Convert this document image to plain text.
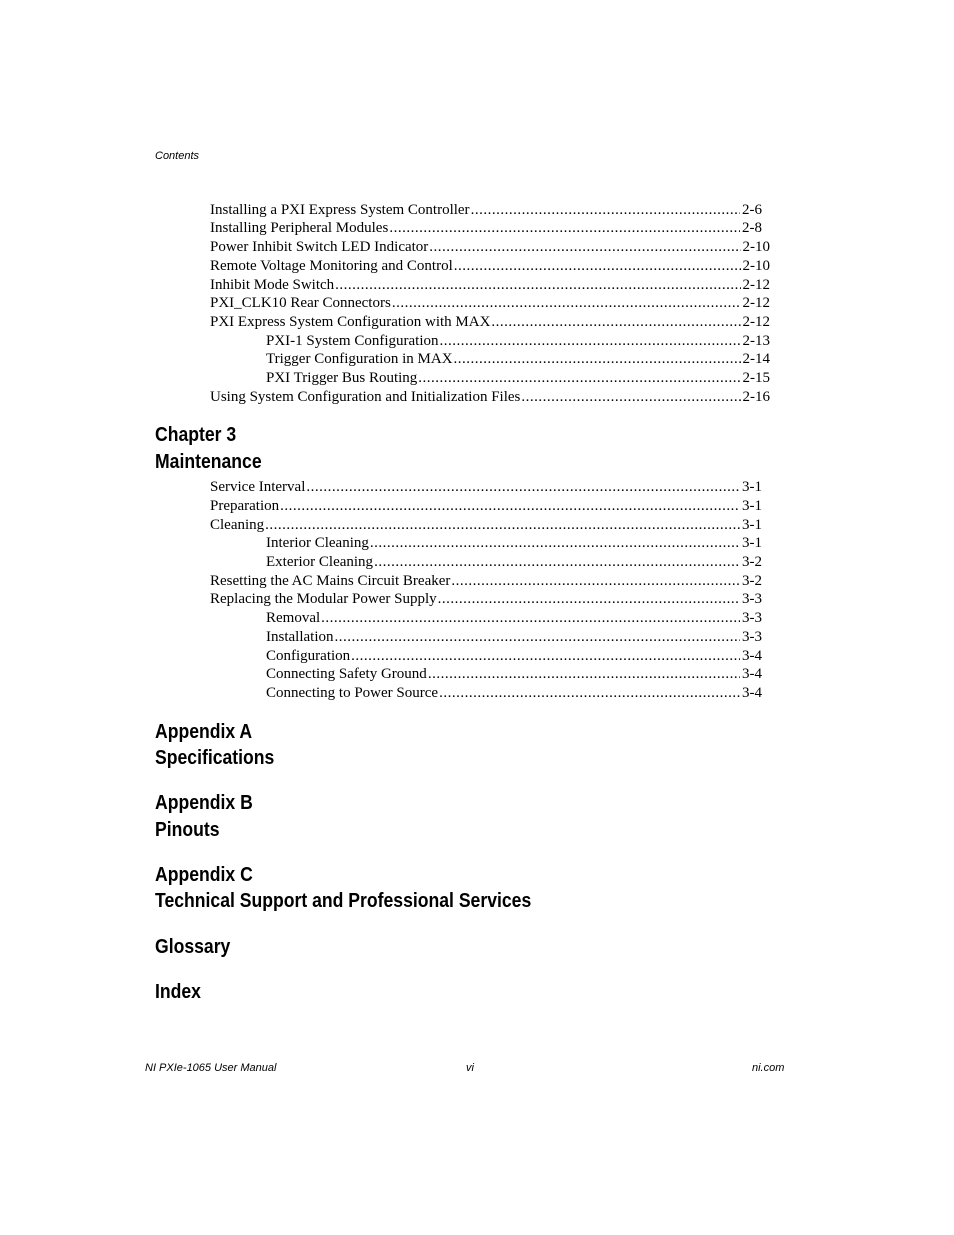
Contents
Installing a PXI Express System Controller .....	2-6
Installing Peripheral Modules .....	2-8
Power Inhibit Switch LED Indicator .....	2-10
Remote Voltage Monitoring and Control .....	2-10
Inhibit Mode Switch .....	2-12
PXI_CLK10 Rear Connectors .....	2-12
PXI Express System Configuration with MAX .....	2-12
PXI-1 System Configuration .....	2-13
Trigger Configuration in MAX .....	2-14
PXI Trigger Bus Routing .....	2-15
Using System Configuration and Initialization Files .....	2-16
Chapter 3
Maintenance
Service Interval .....	3-1
Preparation .....	3-1
Cleaning .....	3-1
Interior Cleaning .....	3-1
Exterior Cleaning .....	3-2
Resetting the AC Mains Circuit Breaker .....	3-2
Replacing the Modular Power Supply .....	3-3
Removal .....	3-3
Installation .....	3-3
Configuration .....	3-4
Connecting Safety Ground .....	3-4
Connecting to Power Source .....	3-4
Appendix A
Specifications
Appendix B
Pinouts
Appendix C
Technical Support and Professional Services
Glossary
Index
NI PXIe-1065 User Manual	vi	ni.com
